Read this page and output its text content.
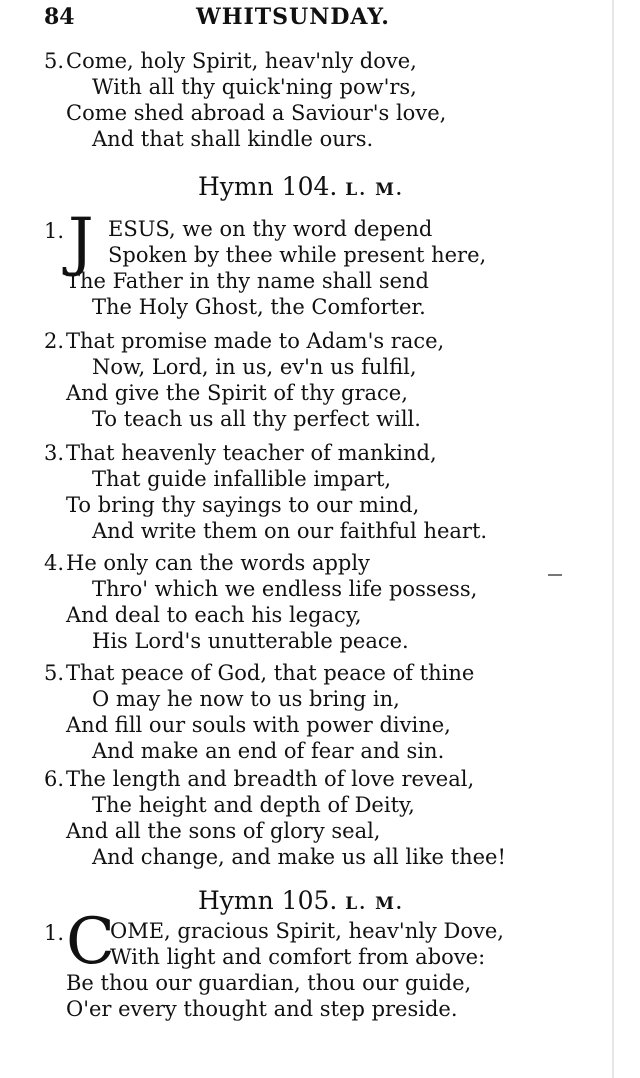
84	WHITSUNDAY.
5. Come, holy Spirit, heav'nly dove,
With all thy quick'ning pow'rs,
Come shed abroad a Saviour's love,
And that shall kindle ours.
Hymn 104. L. M.
1. J ESUS, we on thy word depend
Spoken by thee while present here,
The Father in thy name shall send
The Holy Ghost, the Comforter.
2. That promise made to Adam's race,
Now, Lord, in us, ev'n us fulfil,
And give the Spirit of thy grace,
To teach us all thy perfect will.
3. That heavenly teacher of mankind,
That guide infallible impart,
To bring thy sayings to our mind,
And write them on our faithful heart.
4. He only can the words apply
Thro' which we endless life possess,
And deal to each his legacy,
His Lord's unutterable peace.
5. That peace of God, that peace of thine
O may he now to us bring in,
And fill our souls with power divine,
And make an end of fear and sin.
6. The length and breadth of love reveal,
The height and depth of Deity,
And all the sons of glory seal,
And change, and make us all like thee!
Hymn 105. L. M.
1. C
OME, gracious Spirit, heav'nly Dove,
With light and comfort from above:
Be thou our guardian, thou our guide,
O'er every thought and step preside.
